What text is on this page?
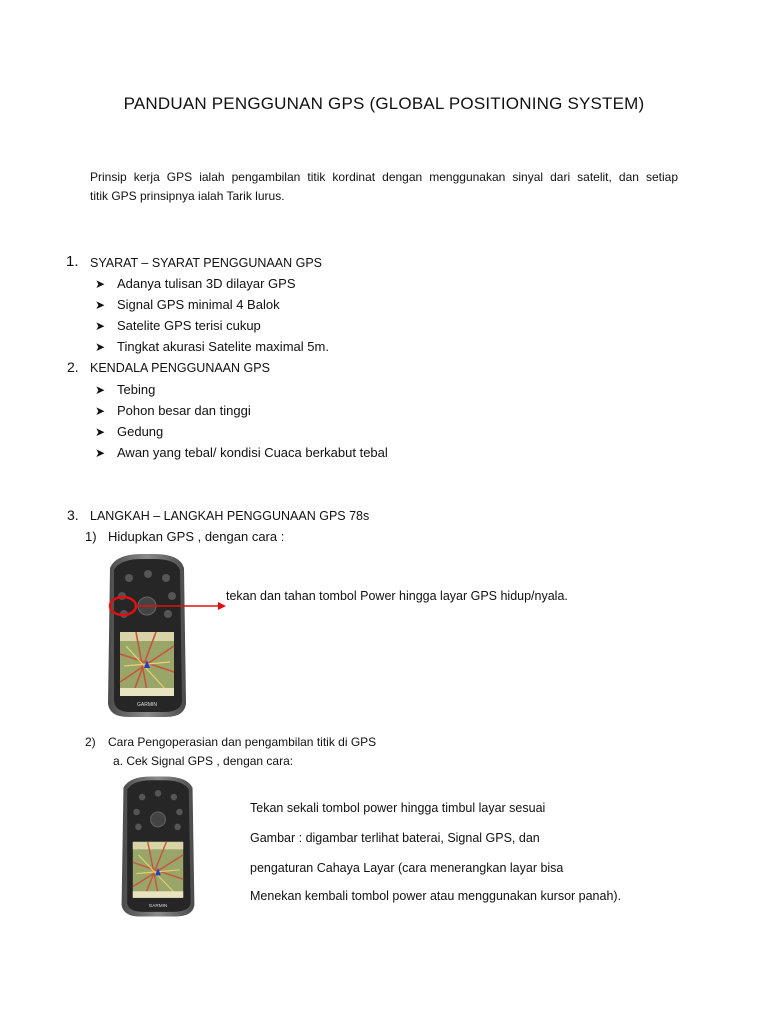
PANDUAN PENGGUNAN GPS (GLOBAL POSITIONING SYSTEM)
Prinsip kerja GPS ialah pengambilan titik kordinat dengan menggunakan sinyal dari satelit, dan setiap
titik GPS prinsipnya ialah Tarik lurus.
1. SYARAT – SYARAT PENGGUNAAN GPS
➤ Adanya tulisan 3D dilayar GPS
➤ Signal GPS minimal 4 Balok
➤ Satelite GPS terisi cukup
➤ Tingkat akurasi Satelite maximal 5m.
2. KENDALA PENGGUNAAN GPS
➤ Tebing
➤ Pohon besar dan tinggi
➤ Gedung
➤ Awan yang tebal/ kondisi Cuaca berkabut tebal
3. LANGKAH – LANGKAH PENGGUNAAN GPS 78s
1) Hidupkan GPS , dengan cara :
GARMIN
tekan dan tahan tombol Power hingga layar GPS hidup/nyala.
2) Cara Pengoperasian dan pengambilan titik di GPS
a. Cek Signal GPS , dengan cara:
GARMIN
Tekan sekali tombol power hingga timbul layar sesuai
Gambar : digambar terlihat baterai, Signal GPS, dan
pengaturan Cahaya Layar (cara menerangkan layar bisa
Menekan kembali tombol power atau menggunakan kursor panah).
